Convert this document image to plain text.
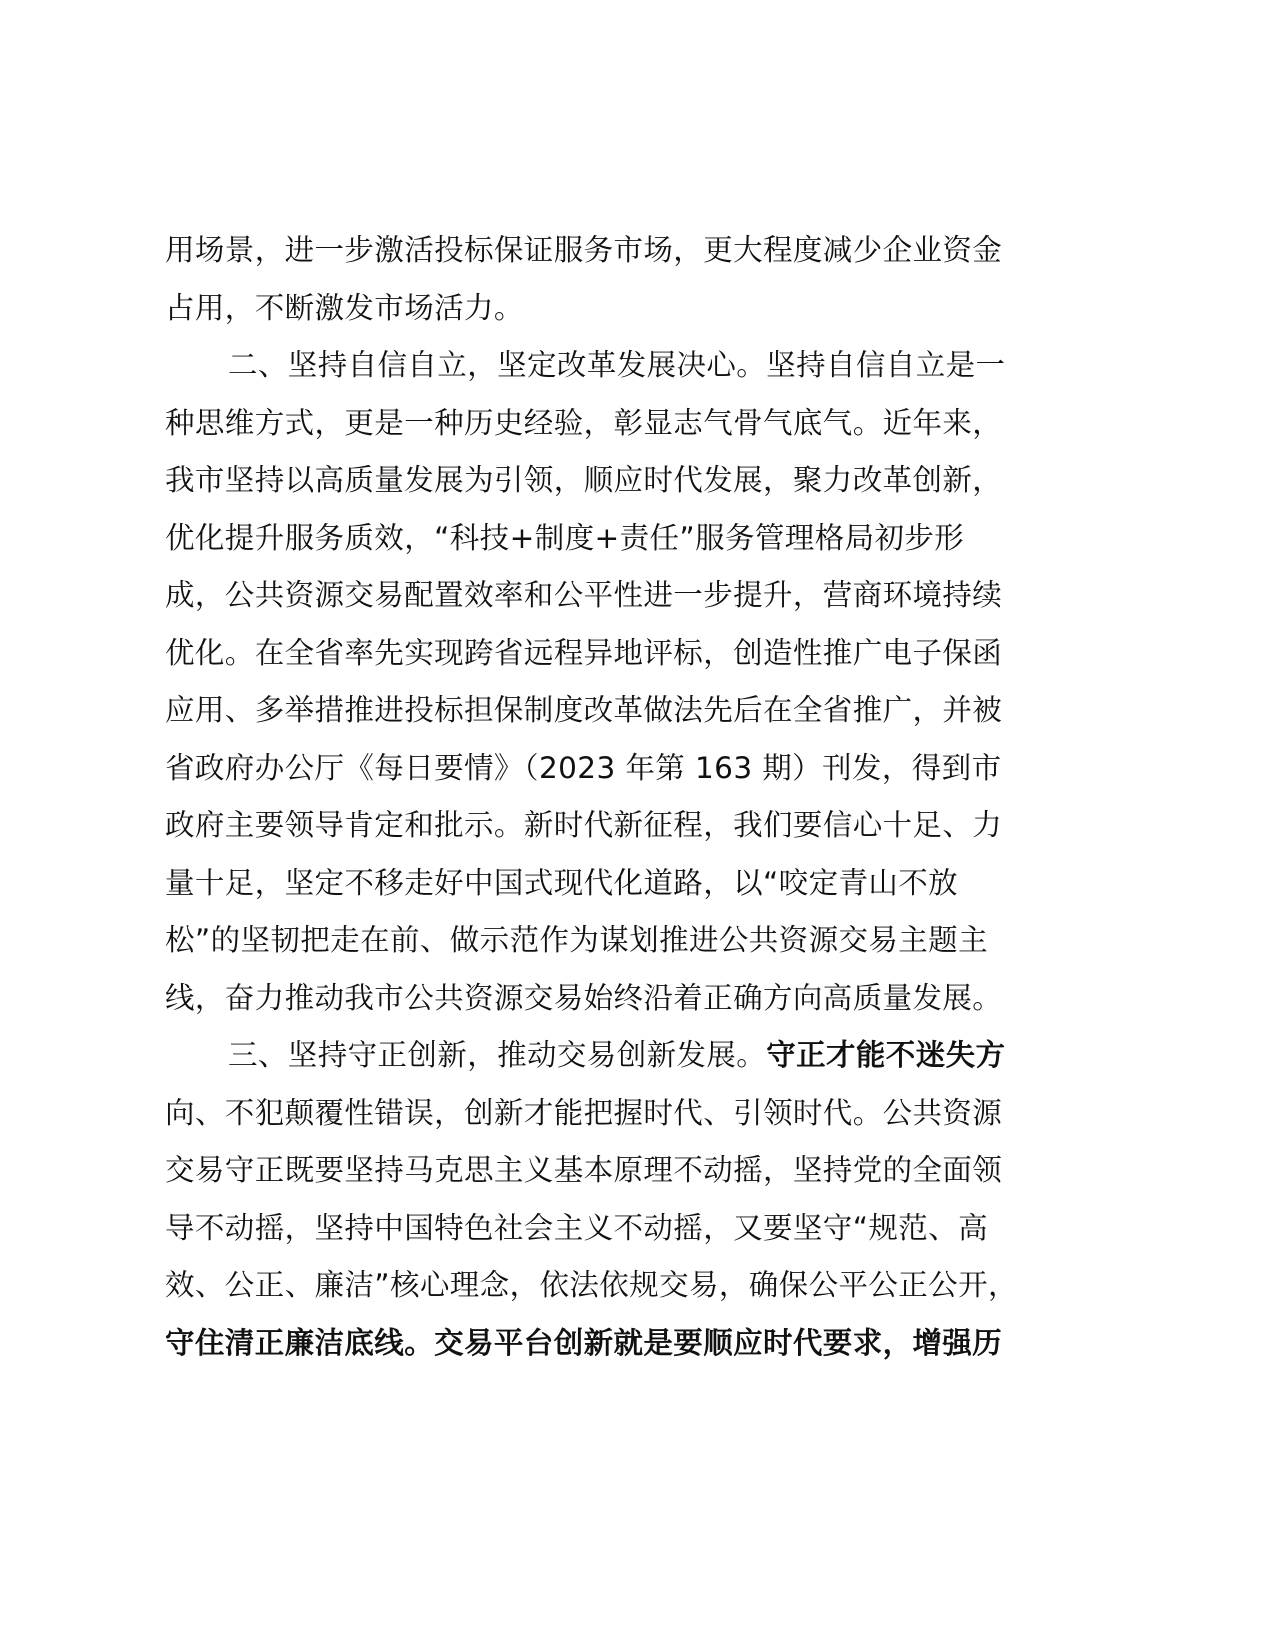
用场景，进一步激活投标保证服务市场，更大程度减少企业资金
占用，不断激发市场活力。
二、坚持自信自立，坚定改革发展决心。坚持自信自立是一
种思维方式，更是一种历史经验，彰显志气骨气底气。近年来，
我市坚持以高质量发展为引领，顺应时代发展，聚力改革创新，
优化提升服务质效，“科技+制度+责任”服务管理格局初步形
成，公共资源交易配置效率和公平性进一步提升，营商环境持续
优化。在全省率先实现跨省远程异地评标，创造性推广电子保函
应用、多举措推进投标担保制度改革做法先后在全省推广，并被
省政府办公厅《每日要情》（2023 年第 163 期）刊发，得到市
政府主要领导肯定和批示。新时代新征程，我们要信心十足、力
量十足，坚定不移走好中国式现代化道路，以“咬定青山不放
松”的坚韧把走在前、做示范作为谋划推进公共资源交易主题主
线，奋力推动我市公共资源交易始终沿着正确方向高质量发展。
三、坚持守正创新，推动交易创新发展。守正才能不迷失方
向、不犯颠覆性错误，创新才能把握时代、引领时代。公共资源
交易守正既要坚持马克思主义基本原理不动摇，坚持党的全面领
导不动摇，坚持中国特色社会主义不动摇，又要坚守“规范、高
效、公正、廉洁”核心理念，依法依规交易，确保公平公正公开，
守住清正廉洁底线。交易平台创新就是要顺应时代要求，增强历
